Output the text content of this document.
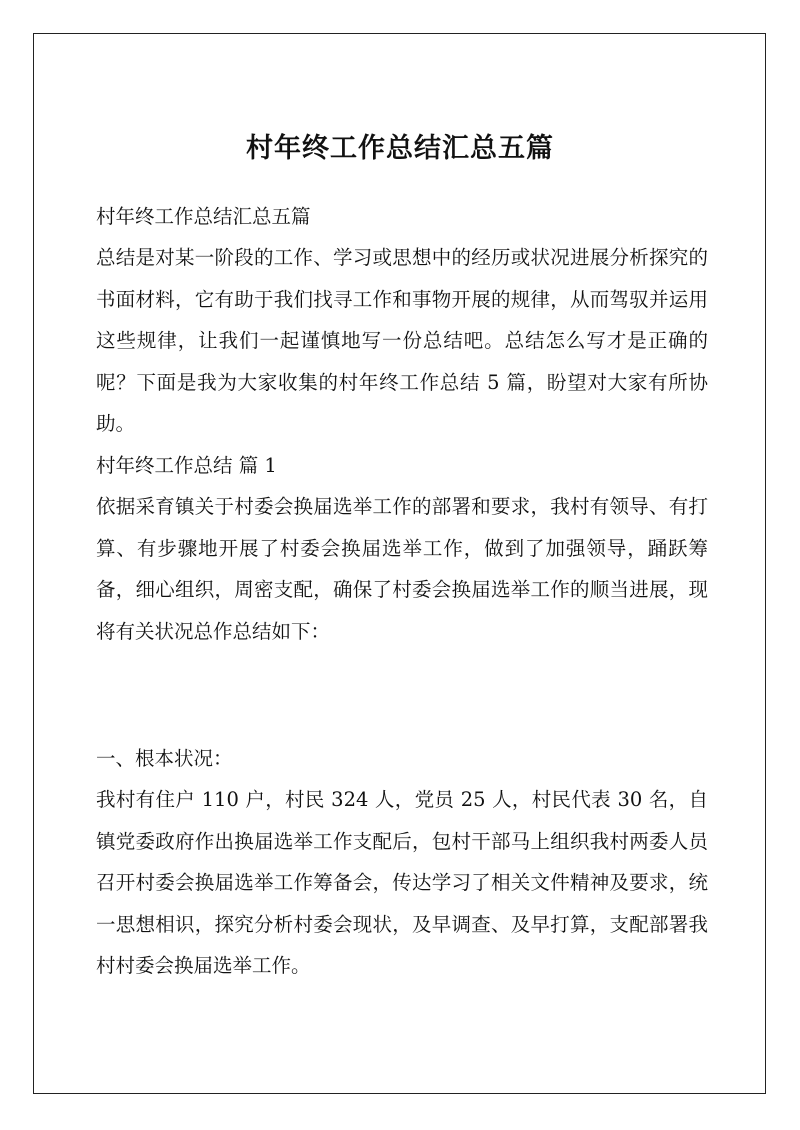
村年终工作总结汇总五篇

村年终工作总结汇总五篇

总结是对某一阶段的工作、学习或思想中的经历或状况进展分析探究的书面材料，它有助于我们找寻工作和事物开展的规律，从而驾驭并运用这些规律，让我们一起谨慎地写一份总结吧。总结怎么写才是正确的呢？下面是我为大家收集的村年终工作总结 5 篇，盼望对大家有所协助。

村年终工作总结 篇 1

依据采育镇关于村委会换届选举工作的部署和要求，我村有领导、有打算、有步骤地开展了村委会换届选举工作，做到了加强领导，踊跃筹备，细心组织，周密支配，确保了村委会换届选举工作的顺当进展，现将有关状况总作总结如下：

一、根本状况：

我村有住户 110 户，村民 324 人，党员 25 人，村民代表 30 名，自镇党委政府作出换届选举工作支配后，包村干部马上组织我村两委人员召开村委会换届选举工作筹备会，传达学习了相关文件精神及要求，统一思想相识，探究分析村委会现状，及早调查、及早打算，支配部署我村村委会换届选举工作。
